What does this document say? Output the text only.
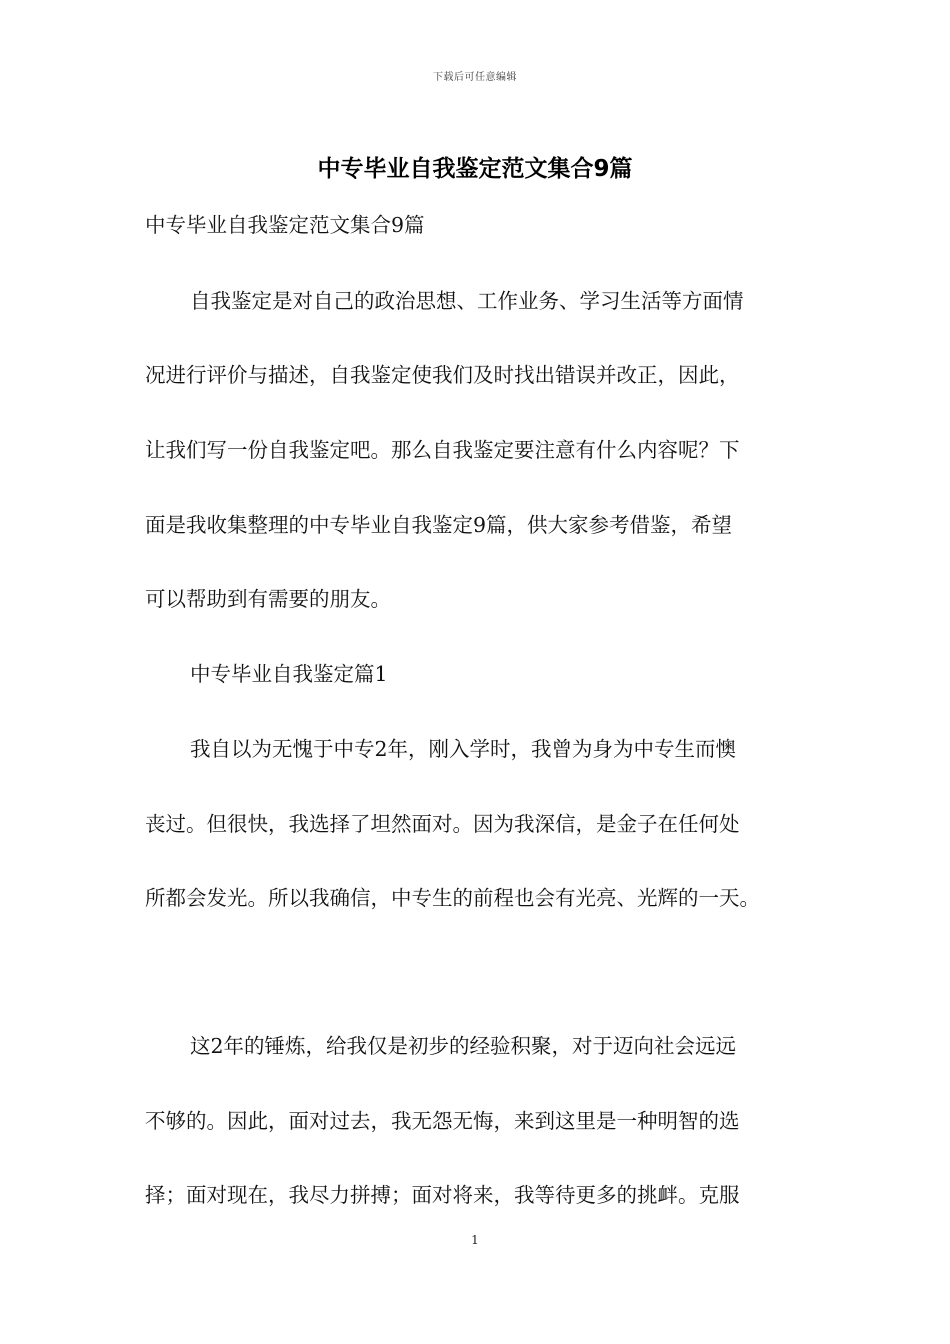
下载后可任意编辑
中专毕业自我鉴定范文集合9篇
中专毕业自我鉴定范文集合9篇
自我鉴定是对自己的政治思想、工作业务、学习生活等方面情
况进行评价与描述，自我鉴定使我们及时找出错误并改正，因此，
让我们写一份自我鉴定吧。那么自我鉴定要注意有什么内容呢？下
面是我收集整理的中专毕业自我鉴定9篇，供大家参考借鉴，希望
可以帮助到有需要的朋友。
中专毕业自我鉴定篇1
我自以为无愧于中专2年，刚入学时，我曾为身为中专生而懊
丧过。但很快，我选择了坦然面对。因为我深信，是金子在任何处
所都会发光。所以我确信，中专生的前程也会有光亮、光辉的一天。
这2年的锤炼，给我仅是初步的经验积聚，对于迈向社会远远
不够的。因此，面对过去，我无怨无悔，来到这里是一种明智的选
择；面对现在，我尽力拼搏；面对将来，我等待更多的挑衅。克服
1
